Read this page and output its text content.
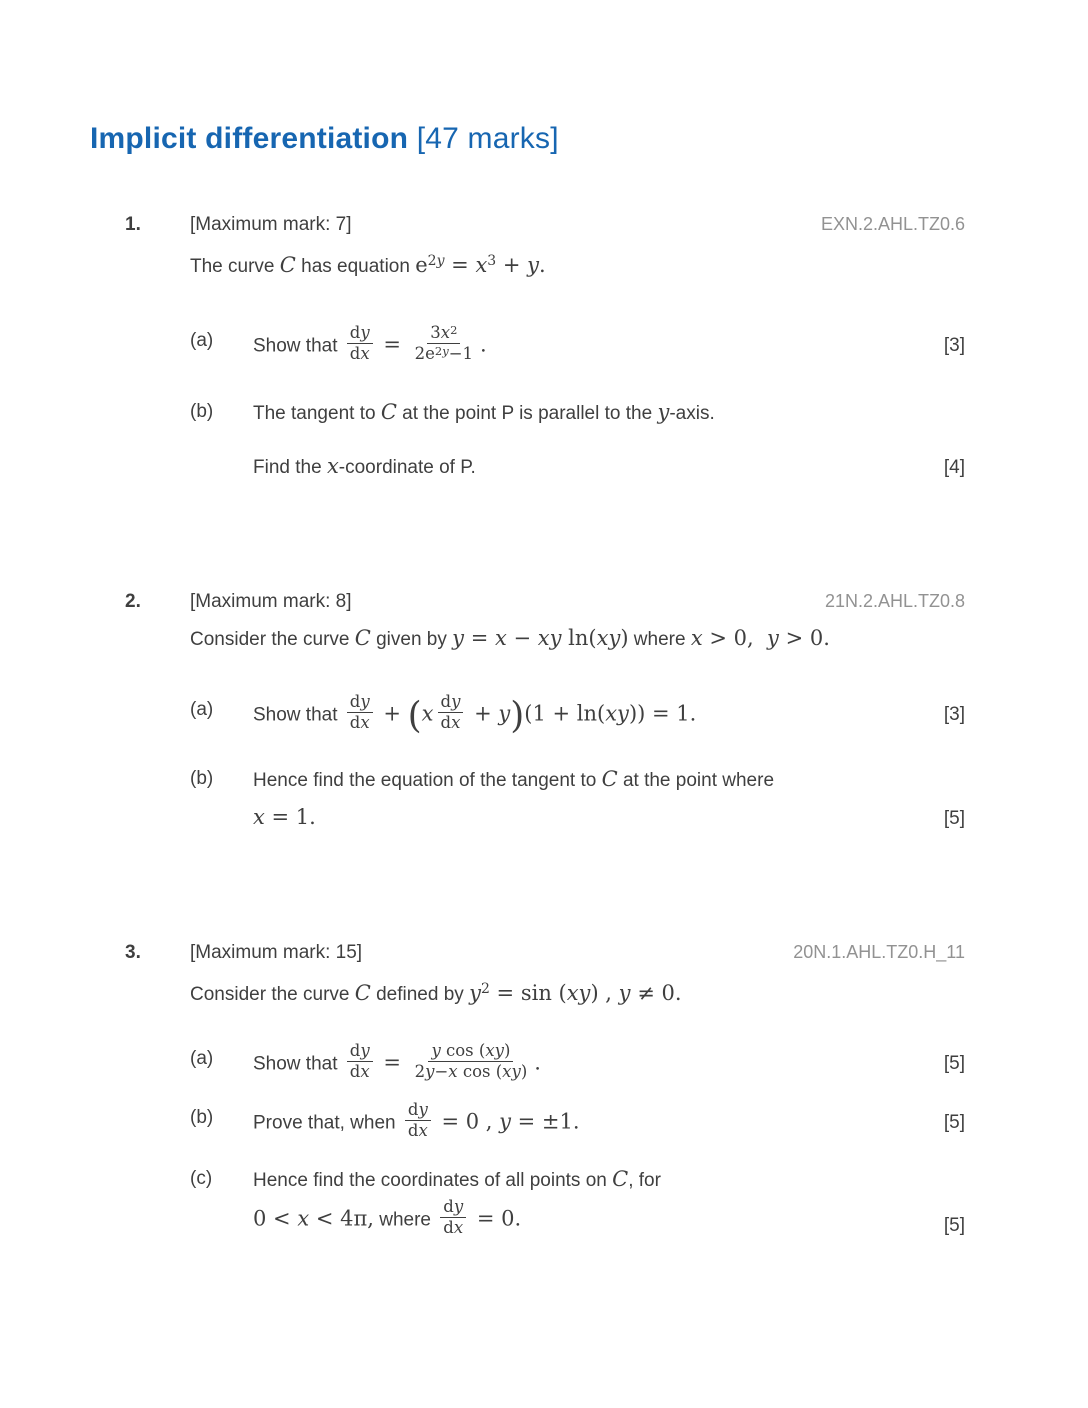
Implicit differentiation [47 marks]
1.	[Maximum mark: 7]	EXN.2.AHL.TZ0.6
The curve C has equation $e^{2y} = x^3 + y$.
(a)	Show that $\frac{dy}{dx} = \frac{3x^2}{2e^{2y}-1}$ .	[3]
(b)	The tangent to C at the point P is parallel to the y-axis.
Find the x-coordinate of P.	[4]
2.	[Maximum mark: 8]	21N.2.AHL.TZ0.8
Consider the curve C given by y = x − xy ln(xy) where x > 0,  y > 0.
(a)	Show that $\frac{dy}{dx} + (x \frac{dy}{dx} + y)(1 + \ln(xy)) = 1$.	[3]
(b)	Hence find the equation of the tangent to C at the point where
x = 1.	[5]
3.	[Maximum mark: 15]	20N.1.AHL.TZ0.H_11
Consider the curve C defined by $y^2 = \sin (xy)$ , y ≠ 0.
(a)	Show that $\frac{dy}{dx} = \frac{\text{y cos (xy)}}{\text{2y−x cos (xy)}}$ .	[5]
(b)	Prove that, when $\frac{dy}{dx} = 0$ , y = ±1.	[5]
(c)	Hence find the coordinates of all points on C, for
0 < x < 4π, where $\frac{dy}{dx} = 0$.	[5]
